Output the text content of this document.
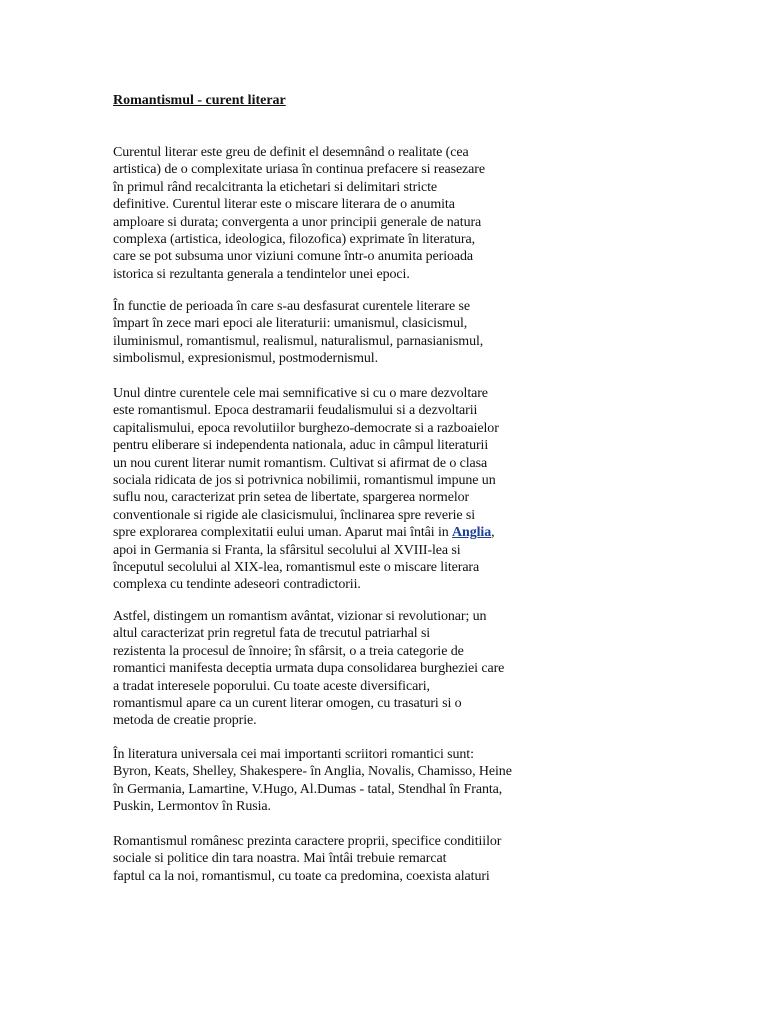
Romantismul - curent literar
Curentul literar este greu de definit el desemnând o realitate (cea
artistica) de o complexitate uriasa în continua prefacere si reasezare
în primul rând recalcitranta la etichetari si delimitari stricte
definitive. Curentul literar este o miscare literara de o anumita
amploare si durata; convergenta a unor principii generale de natura
complexa (artistica, ideologica, filozofica) exprimate în literatura,
care se pot subsuma unor viziuni comune într-o anumita perioada
istorica si rezultanta generala a tendintelor unei epoci.
În functie de perioada în care s-au desfasurat curentele literare se
împart în zece mari epoci ale literaturii: umanismul, clasicismul,
iluminismul, romantismul, realismul, naturalismul, parnasianismul,
simbolismul, expresionismul, postmodernismul.
Unul dintre curentele cele mai semnificative si cu o mare dezvoltare
este romantismul. Epoca destramarii feudalismului si a dezvoltarii
capitalismului, epoca revolutiilor burghezo-democrate si a razboaielor
pentru eliberare si independenta nationala, aduc in câmpul literaturii
un nou curent literar numit romantism. Cultivat si afirmat de o clasa
sociala ridicata de jos si potrivnica nobilimii, romantismul impune un
suflu nou, caracterizat prin setea de libertate, spargerea normelor
conventionale si rigide ale clasicismului, înclinarea spre reverie si
spre explorarea complexitatii eului uman. Aparut mai întâi in Anglia,
apoi in Germania si Franta, la sfârsitul secolului al XVIII-lea si
începutul secolului al XIX-lea, romantismul este o miscare literara
complexa cu tendinte adeseori contradictorii.
Astfel, distingem un romantism avântat, vizionar si revolutionar; un
altul caracterizat prin regretul fata de trecutul patriarhal si
rezistenta la procesul de înnoire; în sfârsit, o a treia categorie de
romantici manifesta deceptia urmata dupa consolidarea burgheziei care
a tradat interesele poporului. Cu toate aceste diversificari,
romantismul apare ca un curent literar omogen, cu trasaturi si o
metoda de creatie proprie.
În literatura universala cei mai importanti scriitori romantici sunt:
Byron, Keats, Shelley, Shakespere- în Anglia, Novalis, Chamisso, Heine
în Germania, Lamartine, V.Hugo, Al.Dumas - tatal, Stendhal în Franta,
Puskin, Lermontov în Rusia.
Romantismul românesc prezinta caractere proprii, specifice conditiilor
sociale si politice din tara noastra. Mai întâi trebuie remarcat
faptul ca la noi, romantismul, cu toate ca predomina, coexista alaturi
